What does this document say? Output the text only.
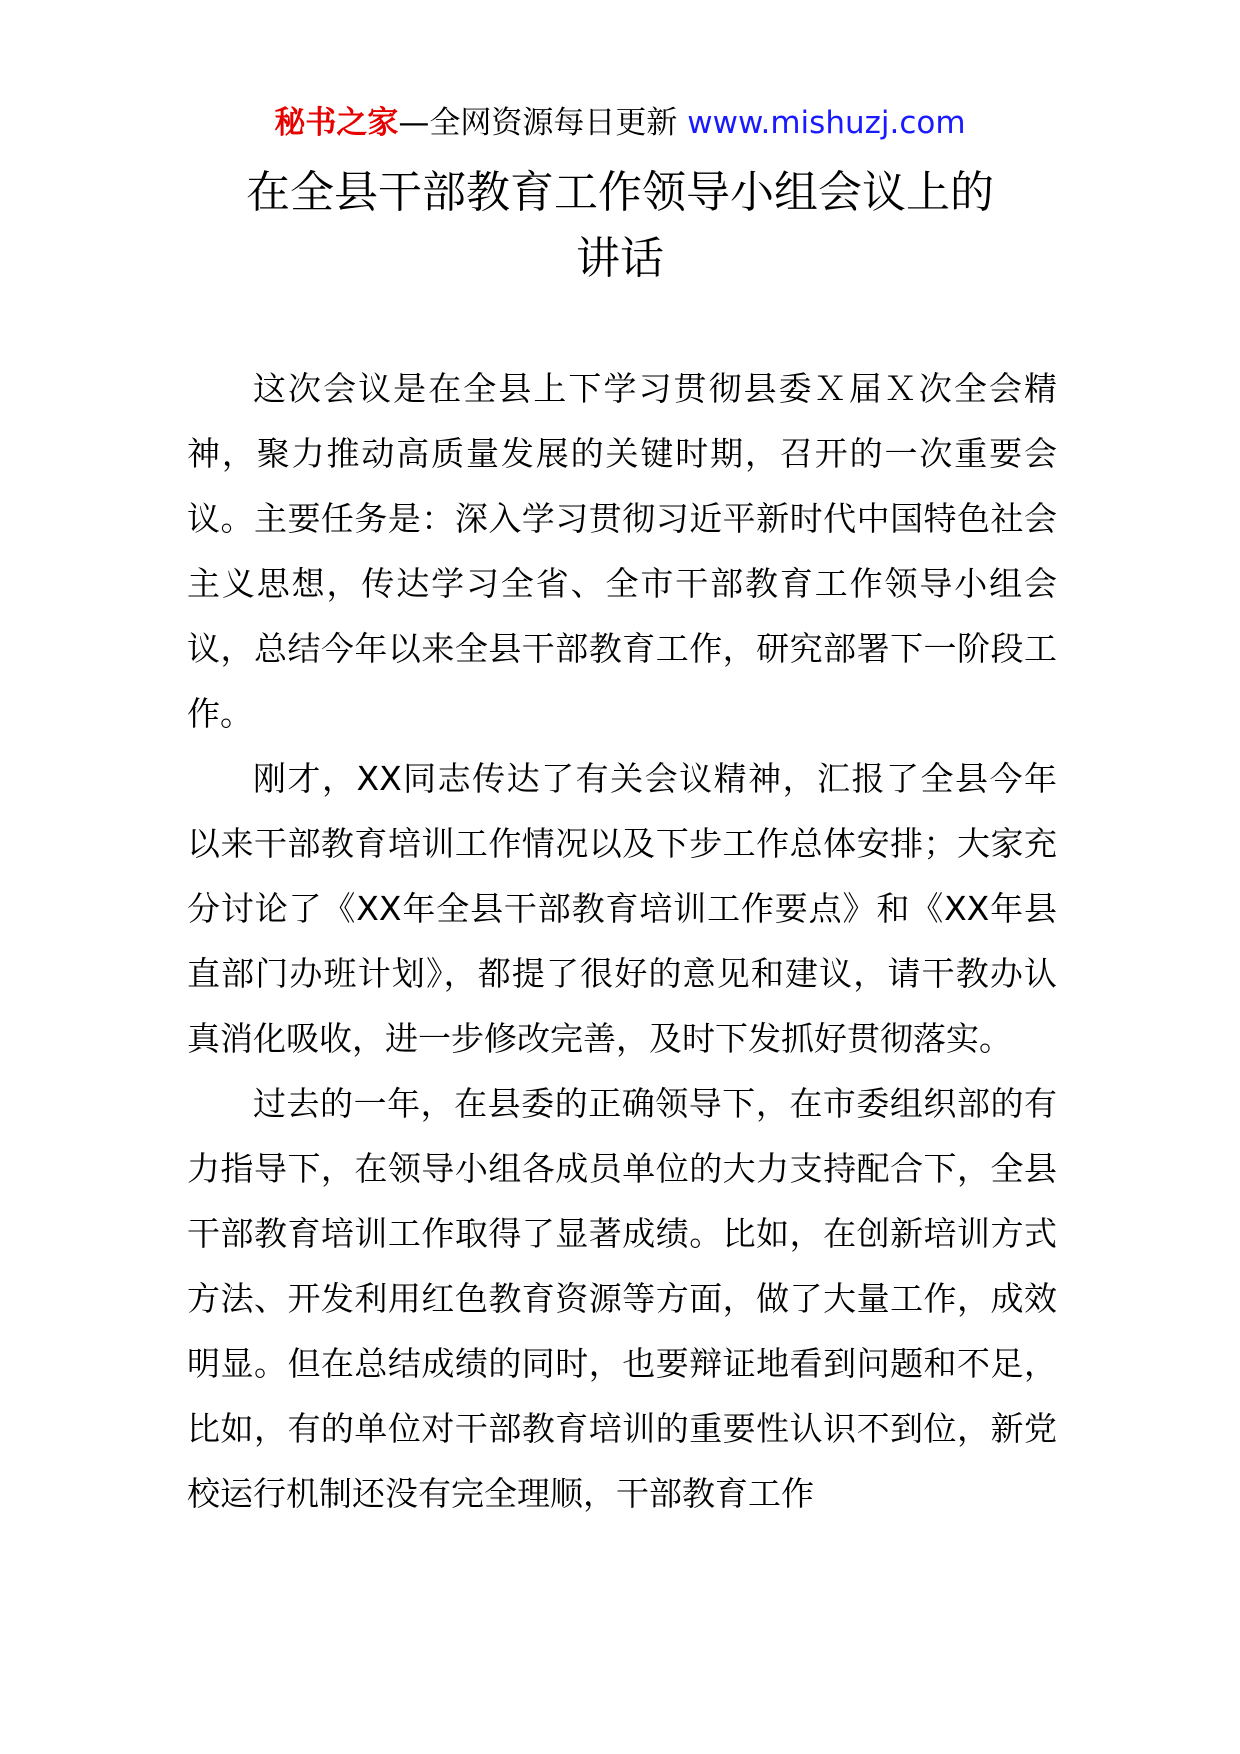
秘书之家—全网资源每日更新 www.mishuzj.com
在全县干部教育工作领导小组会议上的
讲话

这次会议是在全县上下学习贯彻县委Ｘ届Ｘ次全会精神，聚力推动高质量发展的关键时期，召开的一次重要会议。主要任务是：深入学习贯彻习近平新时代中国特色社会主义思想，传达学习全省、全市干部教育工作领导小组会议，总结今年以来全县干部教育工作，研究部署下一阶段工作。

刚才，XX同志传达了有关会议精神，汇报了全县今年以来干部教育培训工作情况以及下步工作总体安排；大家充分讨论了《XX年全县干部教育培训工作要点》和《XX年县直部门办班计划》，都提了很好的意见和建议，请干教办认真消化吸收，进一步修改完善，及时下发抓好贯彻落实。

过去的一年，在县委的正确领导下，在市委组织部的有力指导下，在领导小组各成员单位的大力支持配合下，全县干部教育培训工作取得了显著成绩。比如，在创新培训方式方法、开发利用红色教育资源等方面，做了大量工作，成效明显。但在总结成绩的同时，也要辩证地看到问题和不足，比如，有的单位对干部教育培训的重要性认识不到位，新党校运行机制还没有完全理顺，干部教育工作
